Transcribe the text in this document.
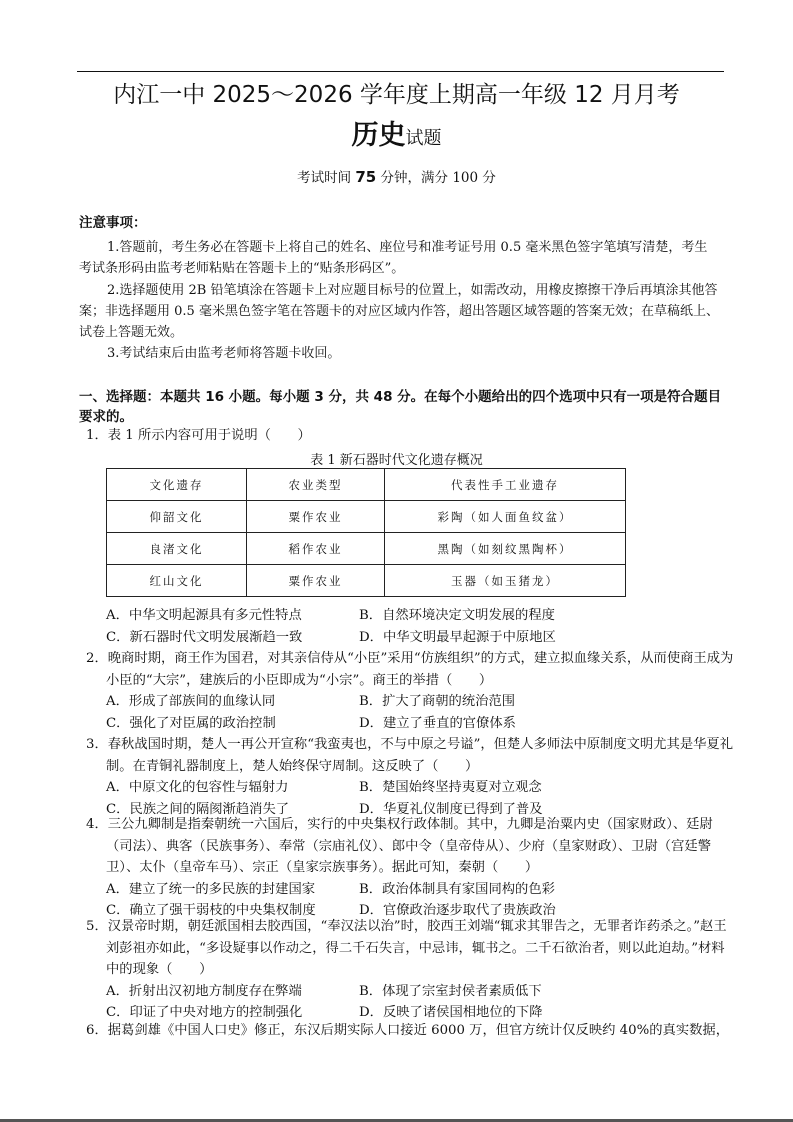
内江一中 2025～2026 学年度上期高一年级 12 月月考
历史试题
考试时间 75 分钟，满分 100 分
注意事项：
1.答题前，考生务必在答题卡上将自己的姓名、座位号和准考证号用 0.5 毫米黑色签字笔填写清楚，考生考试条形码由监考老师粘贴在答题卡上的“贴条形码区”。
2.选择题使用 2B 铅笔填涂在答题卡上对应题目标号的位置上，如需改动，用橡皮擦擦干净后再填涂其他答案；非选择题用 0.5 毫米黑色签字笔在答题卡的对应区域内作答，超出答题区域答题的答案无效；在草稿纸上、试卷上答题无效。
3.考试结束后由监考老师将答题卡收回。
一、选择题：本题共 16 小题。每小题 3 分，共 48 分。在每个小题给出的四个选项中只有一项是符合题目要求的。
1．表 1 所示内容可用于说明（　　）
表 1 新石器时代文化遗存概况
文化遗存	农业类型	代表性手工业遗存
仰韶文化	粟作农业	彩陶（如人面鱼纹盆）
良渚文化	稻作农业	黑陶（如刻纹黑陶杯）
红山文化	粟作农业	玉器（如玉猪龙）
A．中华文明起源具有多元性特点	B．自然环境决定文明发展的程度
C．新石器时代文明发展渐趋一致	D．中华文明最早起源于中原地区
2．晚商时期，商王作为国君，对其亲信侍从“小臣”采用“仿族组织”的方式，建立拟血缘关系，从而使商王成为小臣的“大宗”，建族后的小臣即成为“小宗”。商王的举措（　　）
A．形成了部族间的血缘认同	B．扩大了商朝的统治范围
C．强化了对臣属的政治控制	D．建立了垂直的官僚体系
3．春秋战国时期，楚人一再公开宣称“我蛮夷也，不与中原之号谥”，但楚人多师法中原制度文明尤其是华夏礼制。在青铜礼器制度上，楚人始终保守周制。这反映了（　　）
A．中原文化的包容性与辐射力	B．楚国始终坚持夷夏对立观念
C．民族之间的隔阂渐趋消失了	D．华夏礼仪制度已得到了普及
4．三公九卿制是指秦朝统一六国后，实行的中央集权行政体制。其中，九卿是治粟内史（国家财政）、廷尉（司法）、典客（民族事务）、奉常（宗庙礼仪）、郎中令（皇帝侍从）、少府（皇家财政）、卫尉（宫廷警卫）、太仆（皇帝车马）、宗正（皇家宗族事务）。据此可知，秦朝（　　）
A．建立了统一的多民族的封建国家	B．政治体制具有家国同构的色彩
C．确立了强干弱枝的中央集权制度	D．官僚政治逐步取代了贵族政治
5．汉景帝时期，朝廷派国相去胶西国，“奉汉法以治”时，胶西王刘端“辄求其罪告之，无罪者诈药杀之。”赵王刘彭祖亦如此，“多设疑事以作动之，得二千石失言，中忌讳，辄书之。二千石欲治者，则以此迫劫。”材料中的现象（　　）
A．折射出汉初地方制度存在弊端	B．体现了宗室封侯者素质低下
C．印证了中央对地方的控制强化	D．反映了诸侯国相地位的下降
6．据葛剑雄《中国人口史》修正，东汉后期实际人口接近 6000 万，但官方统计仅反映约 40%的真实数据，
